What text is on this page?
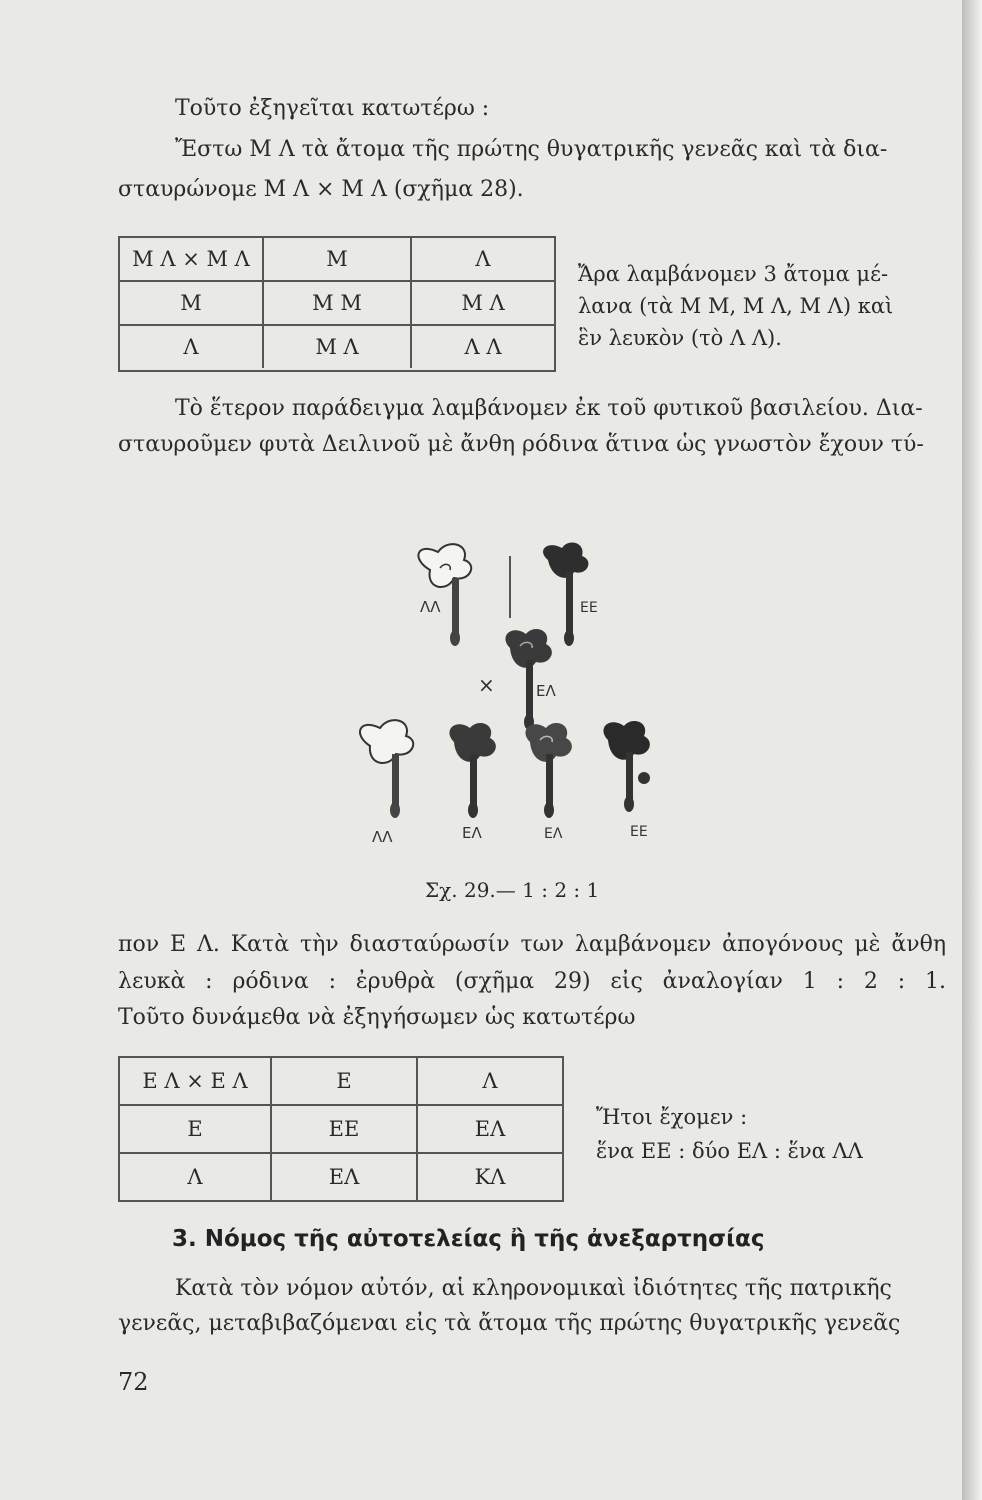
Τοῦτο ἐξηγεῖται κατωτέρω :
Ἔστω Μ Λ τὰ ἄτομα τῆς πρώτης θυγατρικῆς γενεᾶς καὶ τὰ δια-
σταυρώνομε Μ Λ × Μ Λ (σχῆμα 28).
Μ Λ × Μ Λ	Μ	Λ
Μ	Μ Μ	Μ Λ
Λ	Μ Λ	Λ Λ
Ἄρα λαμβάνομεν 3 ἄτομα μέ-
λανα (τὰ Μ Μ, Μ Λ, Μ Λ) καὶ
ἓν λευκὸν (τὸ Λ Λ).
Τὸ ἕτερον παράδειγμα λαμβάνομεν ἐκ τοῦ φυτικοῦ βασιλείου. Δια-
σταυροῦμεν φυτὰ Δειλινοῦ μὲ ἄνθη ρόδινα ἅτινα ὡς γνωστὸν ἔχουν τύ-
ΛΛ	ΕΕ
×	ΕΛ
ΛΛ	ΕΛ	ΕΛ	ΕΕ
Σχ. 29.— 1 : 2 : 1
πον Ε Λ. Κατὰ τὴν διασταύρωσίν των λαμβάνομεν ἀπογόνους μὲ ἄνθη
λευκὰ : ρόδινα : ἐρυθρὰ (σχῆμα 29) εἰς ἀναλογίαν 1 : 2 : 1.
Τοῦτο δυνάμεθα νὰ ἐξηγήσωμεν ὡς κατωτέρω
Ε Λ × Ε Λ	Ε	Λ
Ε	ΕΕ	ΕΛ
Λ	ΕΛ	ΚΛ
Ἤτοι ἔχομεν :
ἕνα ΕΕ : δύο ΕΛ : ἕνα ΛΛ
3. Νόμος τῆς αὐτοτελείας ἢ τῆς ἀνεξαρτησίας
Κατὰ τὸν νόμον αὐτόν, αἱ κληρονομικαὶ ἰδιότητες τῆς πατρικῆς
γενεᾶς, μεταβιβαζόμεναι εἰς τὰ ἄτομα τῆς πρώτης θυγατρικῆς γενεᾶς
72
